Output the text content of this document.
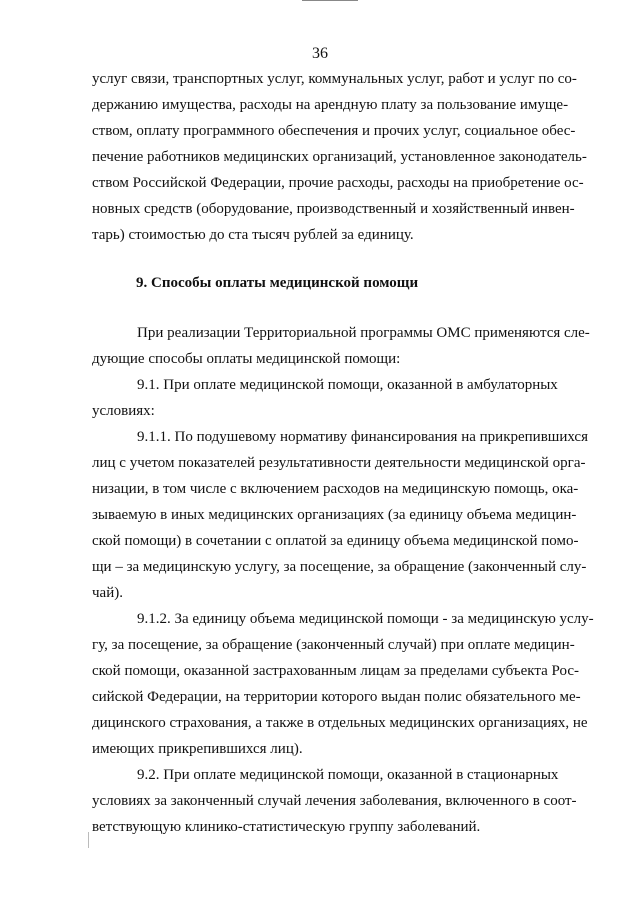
36

услуг связи, транспортных услуг, коммунальных услуг, работ и услуг по со-
держанию имущества, расходы на арендную плату за пользование имуще-
ством, оплату программного обеспечения и прочих услуг, социальное обес-
печение работников медицинских организаций, установленное законодатель-
ством Российской Федерации, прочие расходы, расходы на приобретение ос-
новных средств (оборудование, производственный и хозяйственный инвен-
тарь) стоимостью до ста тысяч рублей за единицу.

9. Способы оплаты медицинской помощи

При реализации Территориальной программы ОМС применяются сле-
дующие способы оплаты медицинской помощи:

9.1. При оплате медицинской помощи, оказанной в амбулаторных
условиях:

9.1.1. По подушевому нормативу финансирования на прикрепившихся
лиц с учетом показателей результативности деятельности медицинской орга-
низации, в том числе с включением расходов на медицинскую помощь, ока-
зываемую в иных медицинских организациях (за единицу объема медицин-
ской помощи) в сочетании с оплатой за единицу объема медицинской помо-
щи – за медицинскую услугу, за посещение, за обращение (законченный слу-
чай).

9.1.2. За единицу объема медицинской помощи - за медицинскую услу-
гу, за посещение, за обращение (законченный случай) при оплате медицин-
ской помощи, оказанной застрахованным лицам за пределами субъекта Рос-
сийской Федерации, на территории которого выдан полис обязательного ме-
дицинского страхования, а также в отдельных медицинских организациях, не
имеющих прикрепившихся лиц).

9.2. При оплате медицинской помощи, оказанной в стационарных
условиях за законченный случай лечения заболевания, включенного в соот-
ветствующую клинико-статистическую группу заболеваний.
